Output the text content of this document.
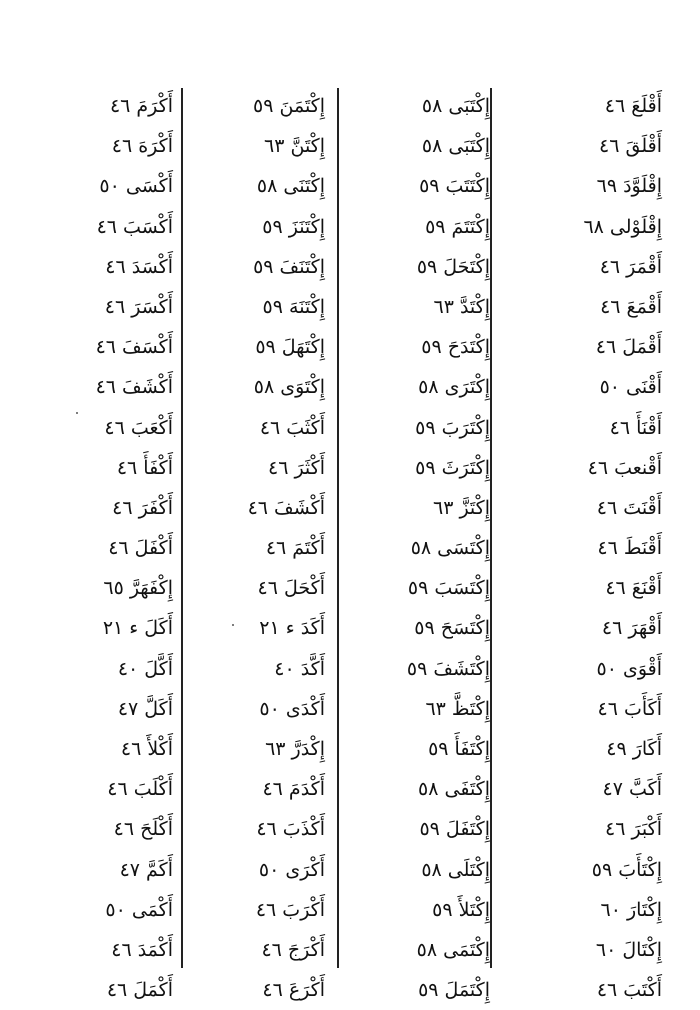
أَقْلَعَ ٤٦
أَقْلَقَ ٤٦
إِقْلَوَّدَ ٦٩
إِقْلَوْلى ٦٨
أَقْمَرَ ٤٦
أَقْمَعَ ٤٦
أَقْمَلَ ٤٦
أَقْنَى ٥٠
أَقْنَأَ ٤٦
أَقْنعبَ ٤٦
أَقْنَتَ ٤٦
أَقْنَطَ ٤٦
أَقْنَعَ ٤٦
أَقْهَرَ ٤٦
أَقْوَى ٥٠
أَكَأَبَ ٤٦
أَكَارَ ٤٩
أَكَبَّ ٤٧
أَكْبَرَ ٤٦
إِكْتَأَبَ ٥٩
إِكْتَارَ ٦٠
إِكْتَالَ ٦٠
أَكْتَبَ ٤٦
إِكْتَبَى ٥٨
إِكْتَبَى ٥٨
إِكْتَتَبَ ٥٩
إِكْتَتَمَ ٥٩
إِكْتَحَلَ ٥٩
إِكْتَدَّ ٦٣
إِكْتَدَحَ ٥٩
إِكْتَرَى ٥٨
إِكْتَرَبَ ٥٩
إِكْتَرَثَ ٥٩
إِكْتَزَّ ٦٣
إِكْتَسَى ٥٨
إِكْتَسَبَ ٥٩
إِكْتَسَحَ ٥٩
إِكْتَشَفَ ٥٩
إِكْتَظَّ ٦٣
إِكْتَفَأَ ٥٩
إِكْتَفَى ٥٨
إِكْتَفَلَ ٥٩
إِكْتَلَى ٥٨
إِكْتَلأَ ٥٩
إِكْتَمَى ٥٨
إِكْتَمَلَ ٥٩
إِكْتَمَنَ ٥٩
إِكْتَنَّ ٦٣
إِكْتَنَى ٥٨
إِكْتَنَزَ ٥٩
إِكْتَنَفَ ٥٩
إِكْتَنَهَ ٥٩
إِكْتَهَلَ ٥٩
إِكْتَوَى ٥٨
أَكْثَبَ ٤٦
أَكْثَرَ ٤٦
أَكْشَفَ ٤٦
أَكْتَمَ ٤٦
أَكْحَلَ ٤٦
أَكَدَ ء ٢١
أَكَّدَ ٤٠
أَكْدَى ٥٠
إِكْدَرَّ ٦٣
أَكْدَمَ ٤٦
أَكْذَبَ ٤٦
أَكْرَى ٥٠
أَكْرَبَ ٤٦
أَكْرَجَ ٤٦
أَكْرَعَ ٤٦
أَكْرَمَ ٤٦
أَكْرَهَ ٤٦
أَكْسَى ٥٠
أَكْسَبَ ٤٦
أَكْسَدَ ٤٦
أَكْسَرَ ٤٦
أَكْسَفَ ٤٦
أَكْشَفَ ٤٦
أَكْعَبَ ٤٦
أَكْفَأَ ٤٦
أَكْفَرَ ٤٦
أَكْفَلَ ٤٦
إِكْفَهَرَّ ٦٥
أَكَلَ ء ٢١
أَكَّلَ ٤٠
أَكَلَّ ٤٧
أَكْلأَ ٤٦
أَكْلَبَ ٤٦
أَكْلَحَ ٤٦
أَكَمَّ ٤٧
أَكْمَى ٥٠
أَكْمَدَ ٤٦
أَكْمَلَ ٤٦
